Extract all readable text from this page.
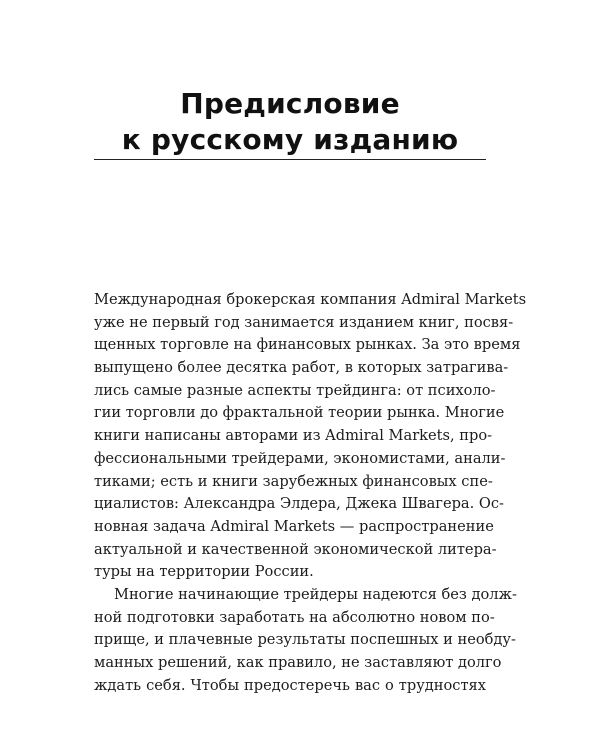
Предисловие
к русскому изданию
Международная брокерская компания Admiral Markets
уже не первый год занимается изданием книг, посвя-
щенных торговле на финансовых рынках. За это время
выпущено более десятка работ, в которых затрагива-
лись самые разные аспекты трейдинга: от психоло-
гии торговли до фрактальной теории рынка. Многие
книги написаны авторами из Admiral Markets, про-
фессиональными трейдерами, экономистами, анали-
тиками; есть и книги зарубежных финансовых спе-
циалистов: Александра Элдера, Джека Швагера. Ос-
новная задача Admiral Markets — распространение
актуальной и качественной экономической литера-
туры на территории России.
Многие начинающие трейдеры надеются без долж-
ной подготовки заработать на абсолютно новом по-
прище, и плачевные результаты поспешных и необду-
манных решений, как правило, не заставляют долго
ждать себя. Чтобы предостеречь вас о трудностях
